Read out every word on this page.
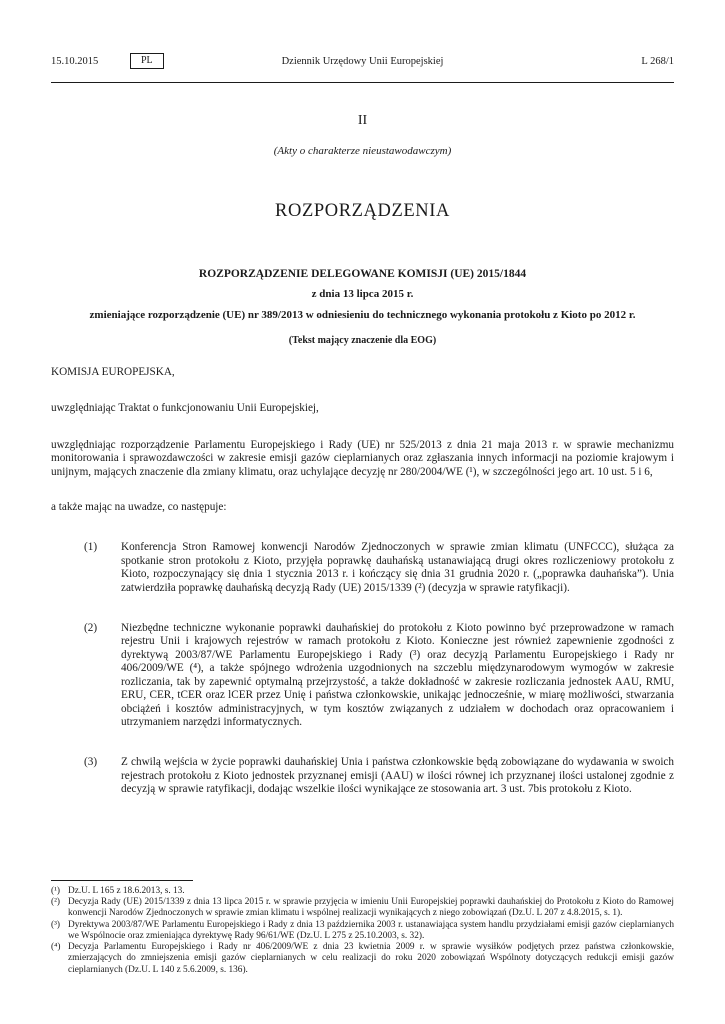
15.10.2015	PL	Dziennik Urzędowy Unii Europejskiej	L 268/1
II
(Akty o charakterze nieustawodawczym)
ROZPORZĄDZENIA
ROZPORZĄDZENIE DELEGOWANE KOMISJI (UE) 2015/1844
z dnia 13 lipca 2015 r.
zmieniające rozporządzenie (UE) nr 389/2013 w odniesieniu do technicznego wykonania protokołu z Kioto po 2012 r.
(Tekst mający znaczenie dla EOG)
KOMISJA EUROPEJSKA,

uwzględniając Traktat o funkcjonowaniu Unii Europejskiej,

uwzględniając rozporządzenie Parlamentu Europejskiego i Rady (UE) nr 525/2013 z dnia 21 maja 2013 r. w sprawie mechanizmu monitorowania i sprawozdawczości w zakresie emisji gazów cieplarnianych oraz zgłaszania innych informacji na poziomie krajowym i unijnym, mających znaczenie dla zmiany klimatu, oraz uchylające decyzję nr 280/2004/WE (¹), w szczególności jego art. 10 ust. 5 i 6,

a także mając na uwadze, co następuje:

(1)	Konferencja Stron Ramowej konwencji Narodów Zjednoczonych w sprawie zmian klimatu (UNFCCC), służąca za spotkanie stron protokołu z Kioto, przyjęła poprawkę dauhańską ustanawiającą drugi okres rozliczeniowy protokołu z Kioto, rozpoczynający się dnia 1 stycznia 2013 r. i kończący się dnia 31 grudnia 2020 r. („poprawka dauhańska”). Unia zatwierdziła poprawkę dauhańską decyzją Rady (UE) 2015/1339 (²) (decyzja w sprawie ratyfikacji).
(2)	Niezbędne techniczne wykonanie poprawki dauhańskiej do protokołu z Kioto powinno być przeprowadzone w ramach rejestru Unii i krajowych rejestrów w ramach protokołu z Kioto. Konieczne jest również zapewnienie zgodności z dyrektywą 2003/87/WE Parlamentu Europejskiego i Rady (³) oraz decyzją Parlamentu Europejskiego i Rady nr 406/2009/WE (⁴), a także spójnego wdrożenia uzgodnionych na szczeblu międzynarodowym wymogów w zakresie rozliczania, tak by zapewnić optymalną przejrzystość, a także dokładność w zakresie rozliczania jednostek AAU, RMU, ERU, CER, tCER oraz lCER przez Unię i państwa członkowskie, unikając jednocześnie, w miarę możliwości, stwarzania obciążeń i kosztów administracyjnych, w tym kosztów związanych z udziałem w dochodach oraz opracowaniem i utrzymaniem narzędzi informatycznych.
(3)	Z chwilą wejścia w życie poprawki dauhańskiej Unia i państwa członkowskie będą zobowiązane do wydawania w swoich rejestrach protokołu z Kioto jednostek przyznanej emisji (AAU) w ilości równej ich przyznanej ilości ustalonej zgodnie z decyzją w sprawie ratyfikacji, dodając wszelkie ilości wynikające ze stosowania art. 3 ust. 7bis protokołu z Kioto.
(¹) Dz.U. L 165 z 18.6.2013, s. 13.
(²) Decyzja Rady (UE) 2015/1339 z dnia 13 lipca 2015 r. w sprawie przyjęcia w imieniu Unii Europejskiej poprawki dauhańskiej do Protokołu z Kioto do Ramowej konwencji Narodów Zjednoczonych w sprawie zmian klimatu i wspólnej realizacji wynikających z niego zobowiązań (Dz.U. L 207 z 4.8.2015, s. 1).
(³) Dyrektywa 2003/87/WE Parlamentu Europejskiego i Rady z dnia 13 października 2003 r. ustanawiająca system handlu przydziałami emisji gazów cieplarnianych we Wspólnocie oraz zmieniająca dyrektywę Rady 96/61/WE (Dz.U. L 275 z 25.10.2003, s. 32).
(⁴) Decyzja Parlamentu Europejskiego i Rady nr 406/2009/WE z dnia 23 kwietnia 2009 r. w sprawie wysiłków podjętych przez państwa członkowskie, zmierzających do zmniejszenia emisji gazów cieplarnianych w celu realizacji do roku 2020 zobowiązań Wspólnoty dotyczących redukcji emisji gazów cieplarnianych (Dz.U. L 140 z 5.6.2009, s. 136).
